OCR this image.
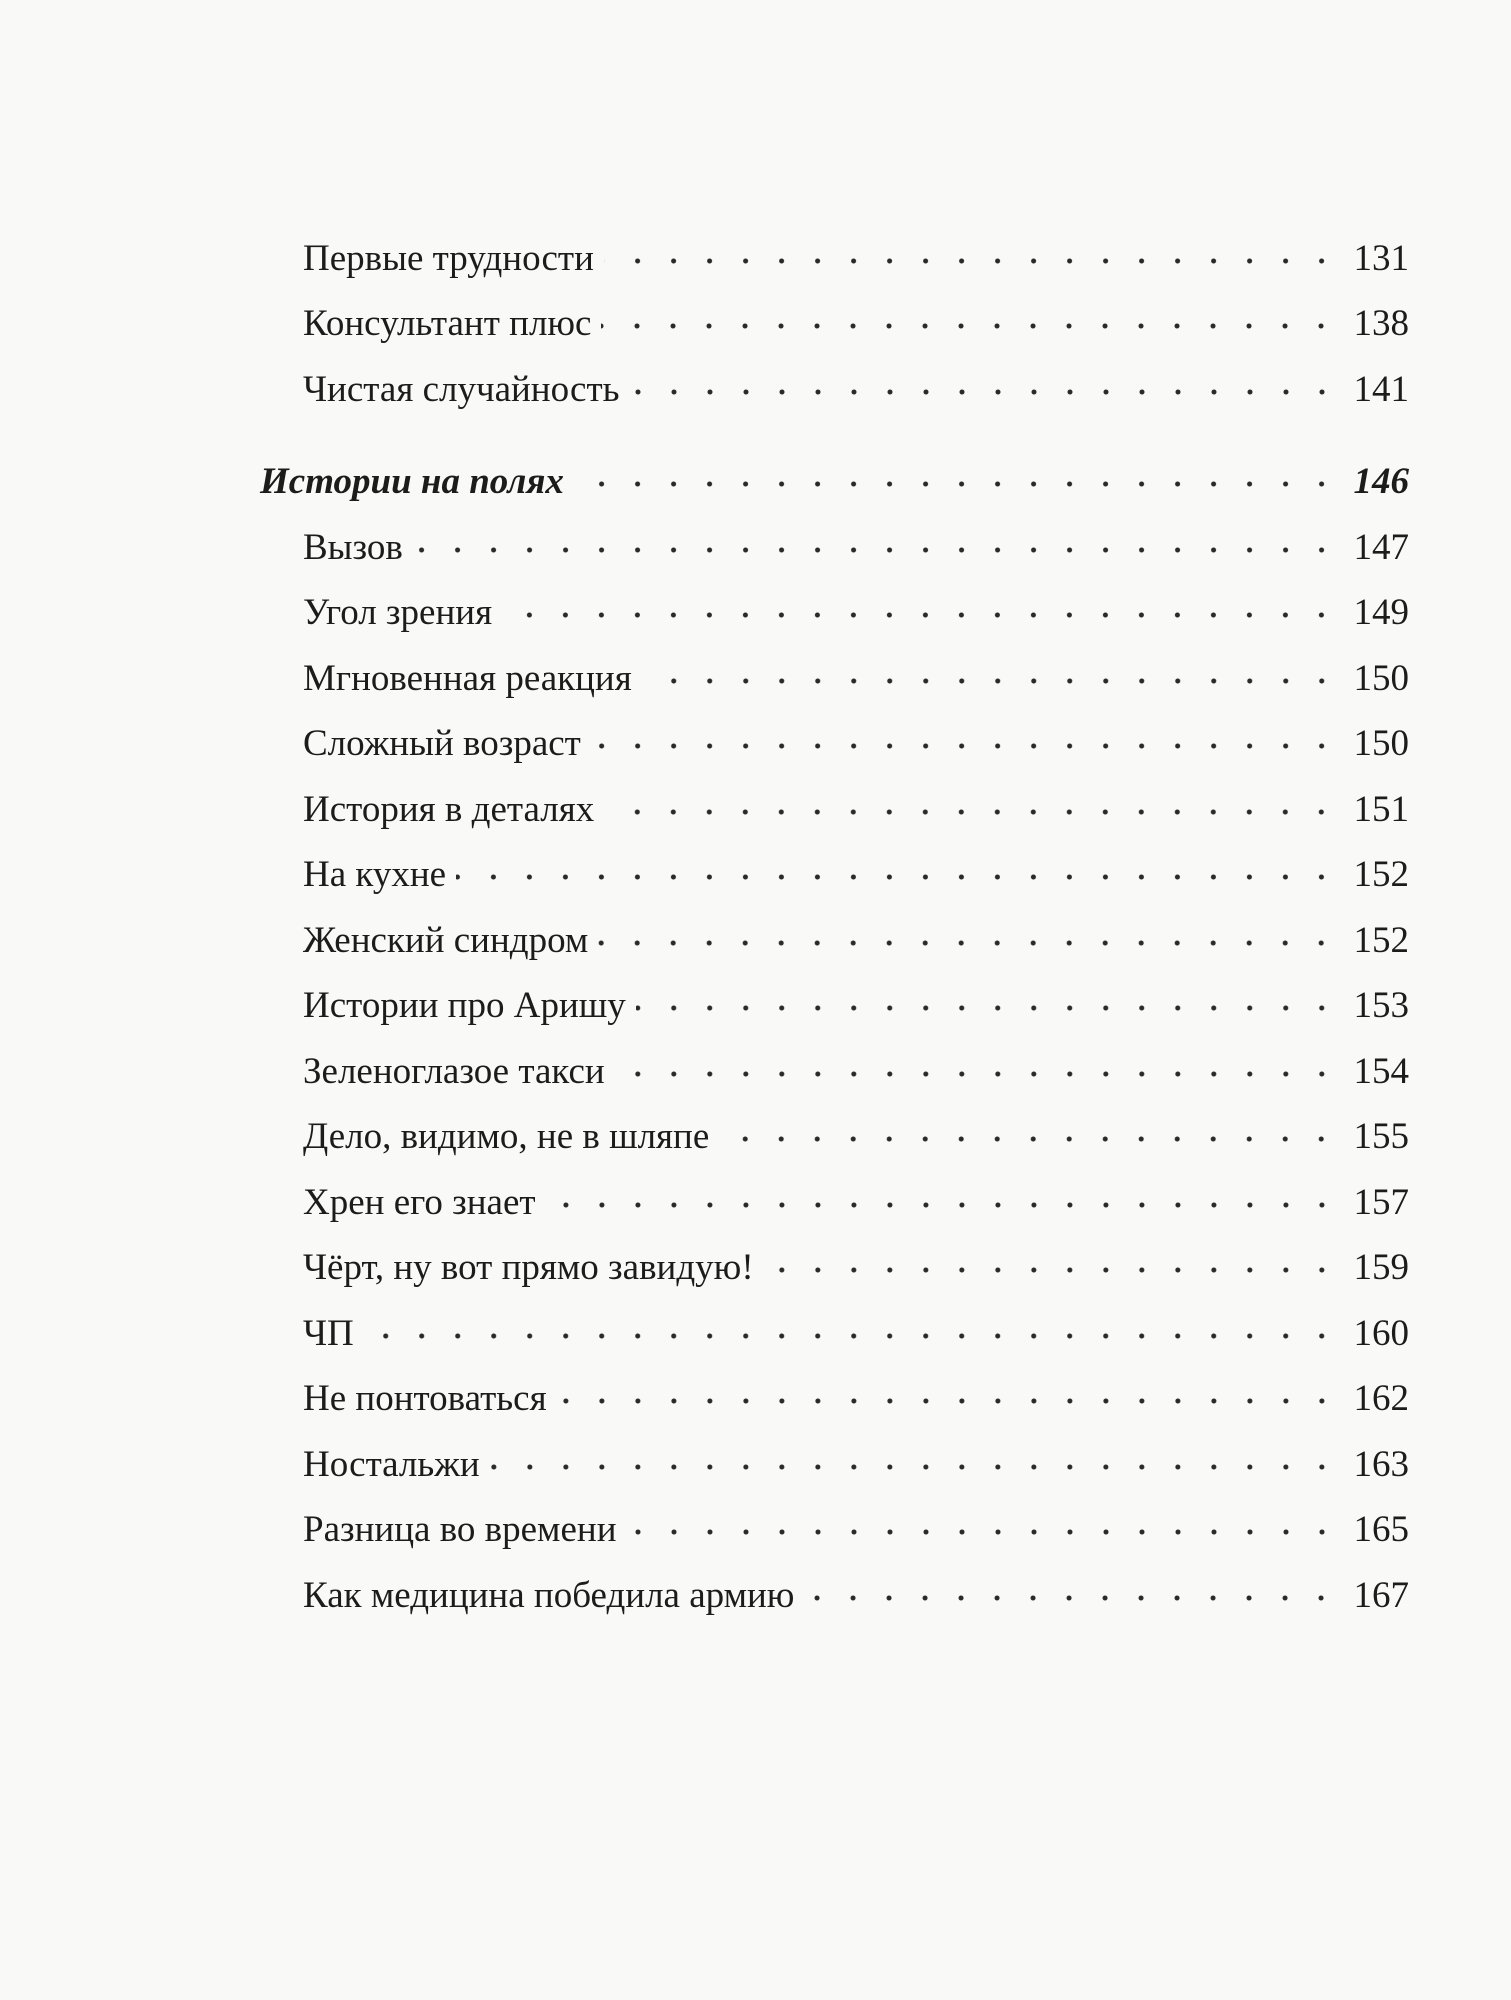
Первые трудности	131
Консультант плюс	138
Чистая случайность	141
Истории на полях	146
Вызов	147
Угол зрения	149
Мгновенная реакция	150
Сложный возраст	150
История в деталях	151
На кухне	152
Женский синдром	152
Истории про Аришу	153
Зеленоглазое такси	154
Дело, видимо, не в шляпе	155
Хрен его знает	157
Чёрт, ну вот прямо завидую!	159
ЧП	160
Не понтоваться	162
Ностальжи	163
Разница во времени	165
Как медицина победила армию	167
